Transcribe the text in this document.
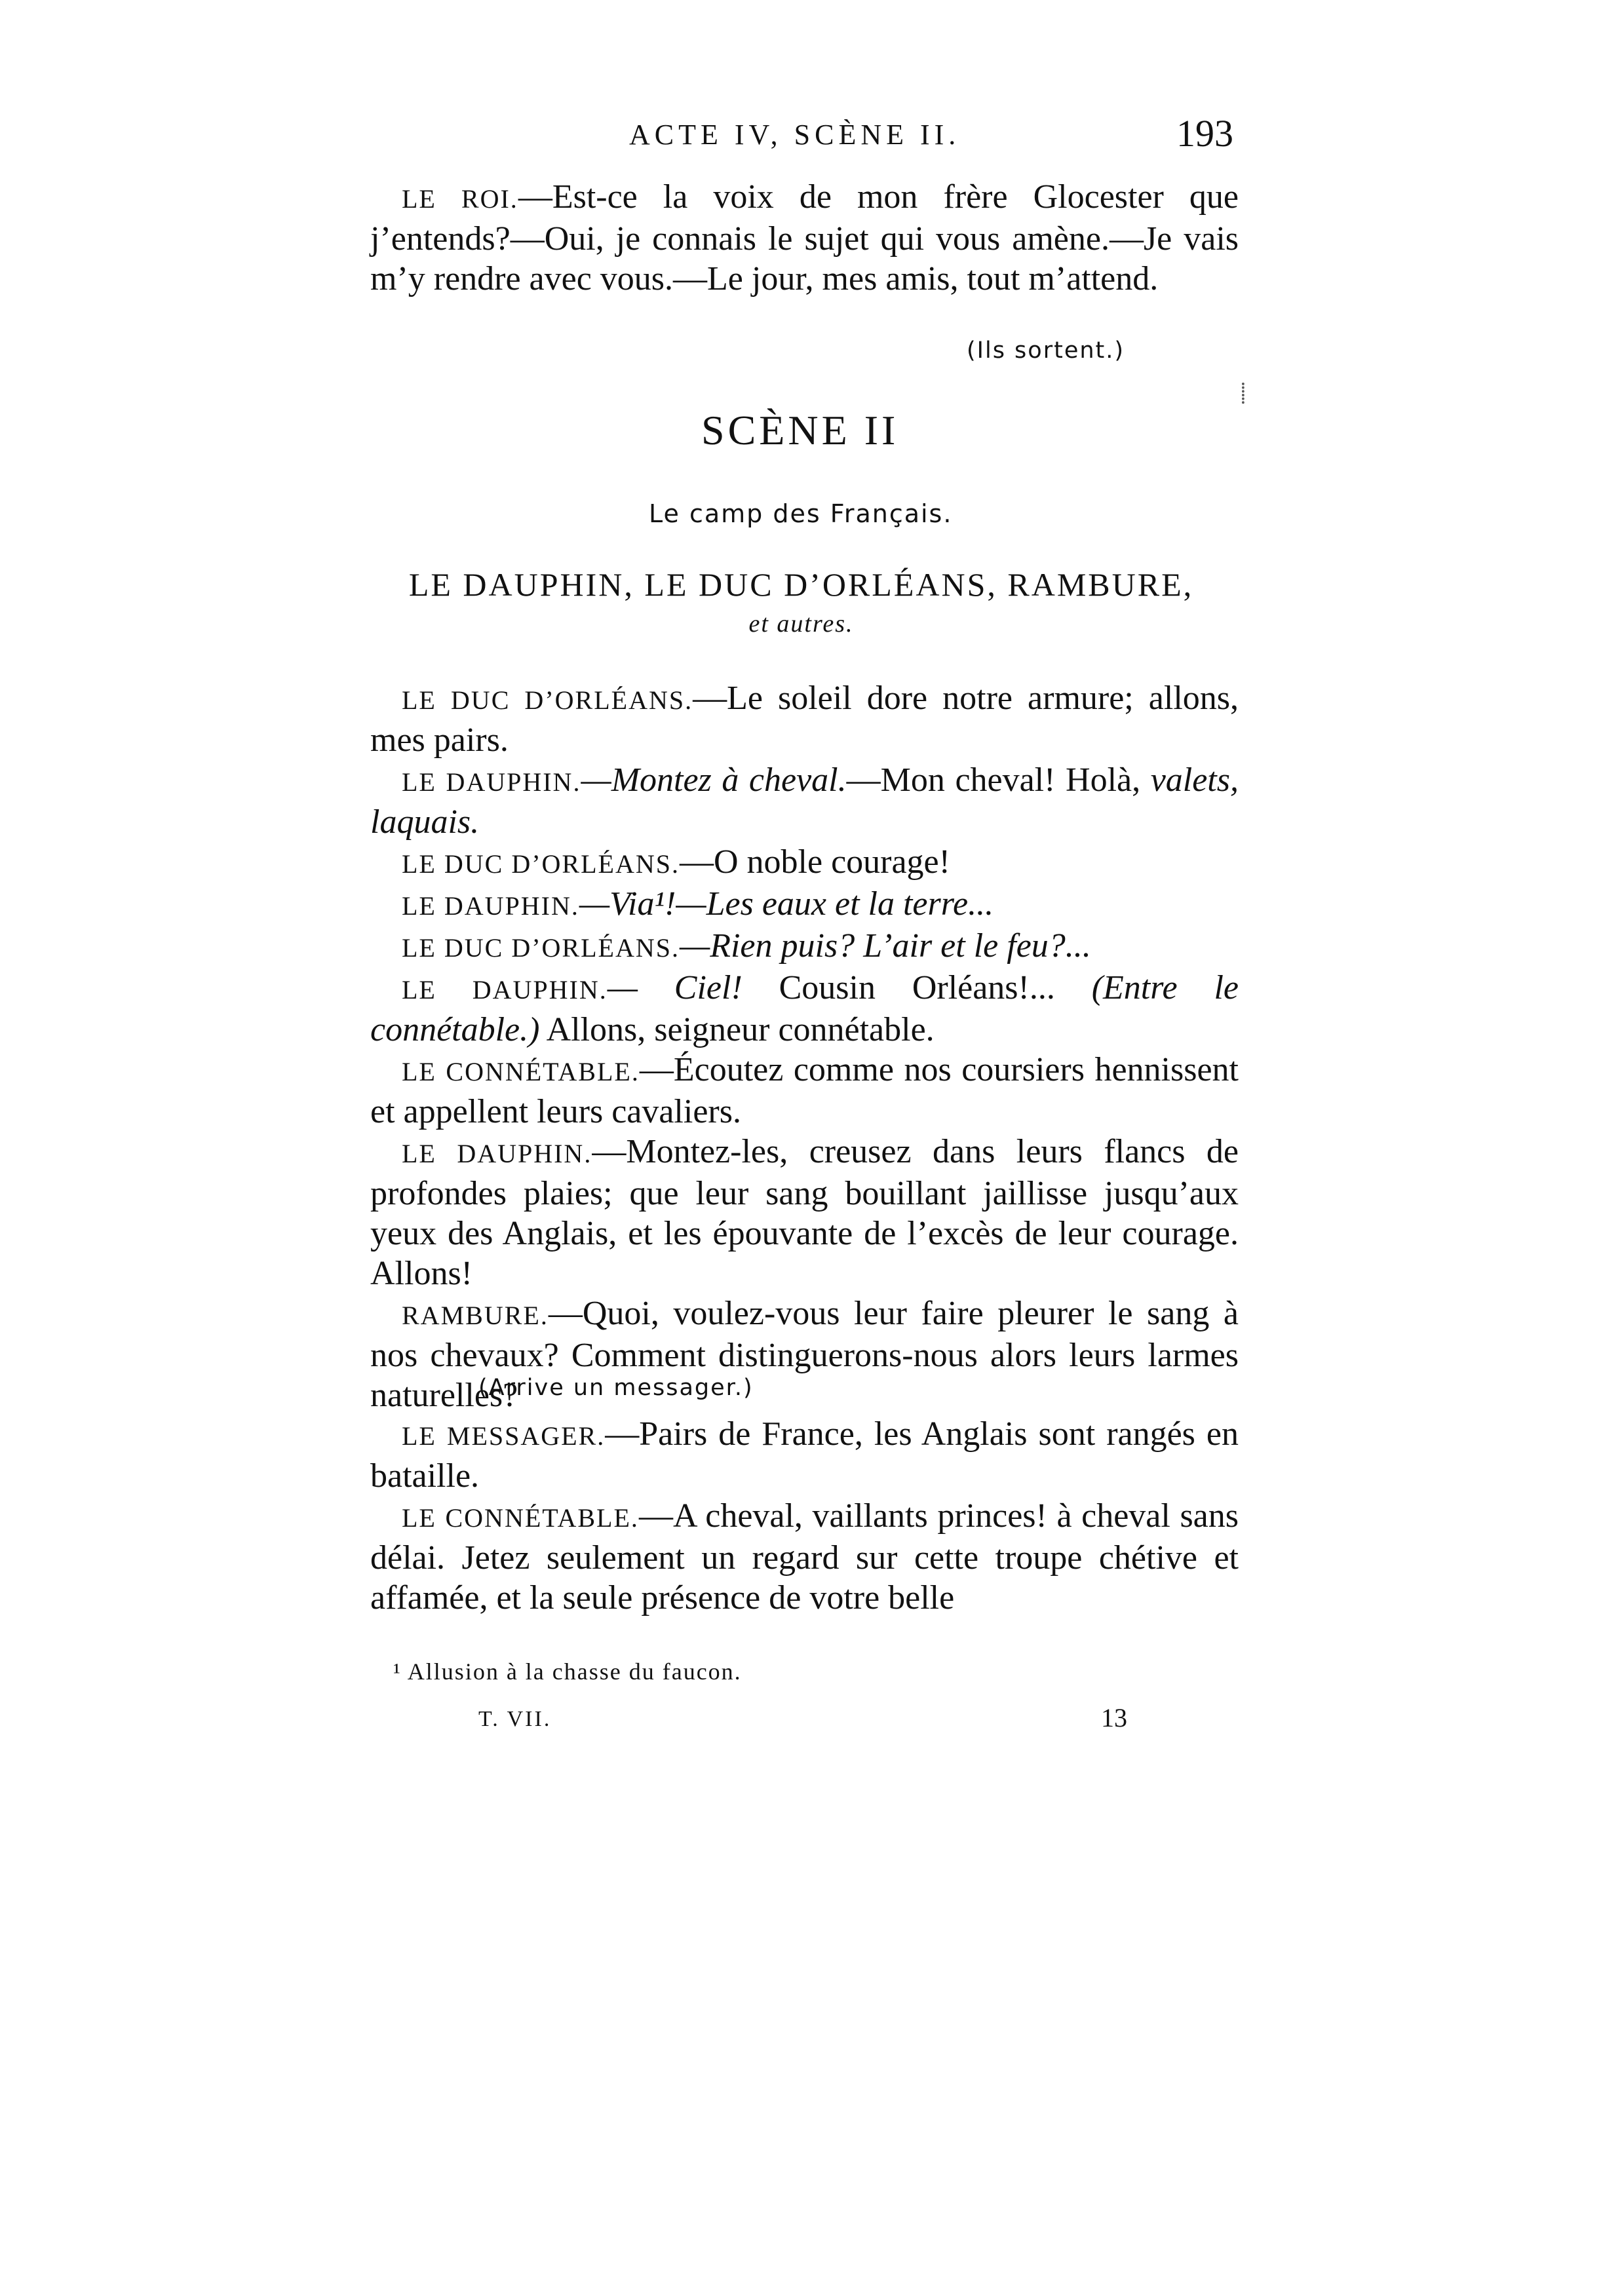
ACTE IV, SCÈNE II.	193

LE ROI.—Est-ce la voix de mon frère Glocester que j’entends?—Oui, je connais le sujet qui vous amène.—Je vais m’y rendre avec vous.—Le jour, mes amis, tout m’attend.

(Ils sortent.)
⸽
SCÈNE II
Le camp des Français.
LE DAUPHIN, LE DUC D’ORLÉANS, RAMBURE,
et autres.

LE DUC D’ORLÉANS.—Le soleil dore notre armure; allons, mes pairs.

LE DAUPHIN.—Montez à cheval.—Mon cheval! Holà, valets, laquais.

LE DUC D’ORLÉANS.—O noble courage!

LE DAUPHIN.—Via¹!—Les eaux et la terre...

LE DUC D’ORLÉANS.—Rien puis? L’air et le feu?...

LE DAUPHIN.— Ciel! Cousin Orléans!... (Entre le connétable.) Allons, seigneur connétable.

LE CONNÉTABLE.—Écoutez comme nos coursiers hennissent et appellent leurs cavaliers.

LE DAUPHIN.—Montez-les, creusez dans leurs flancs de profondes plaies; que leur sang bouillant jaillisse jusqu’aux yeux des Anglais, et les épouvante de l’excès de leur courage. Allons!

RAMBURE.—Quoi, voulez-vous leur faire pleurer le sang à nos chevaux? Comment distinguerons-nous alors leurs larmes naturelles?

(Arrive un messager.)

LE MESSAGER.—Pairs de France, les Anglais sont rangés en bataille.

LE CONNÉTABLE.—A cheval, vaillants princes! à cheval sans délai. Jetez seulement un regard sur cette troupe chétive et affamée, et la seule présence de votre belle

¹ Allusion à la chasse du faucon.
T. VII.	13
